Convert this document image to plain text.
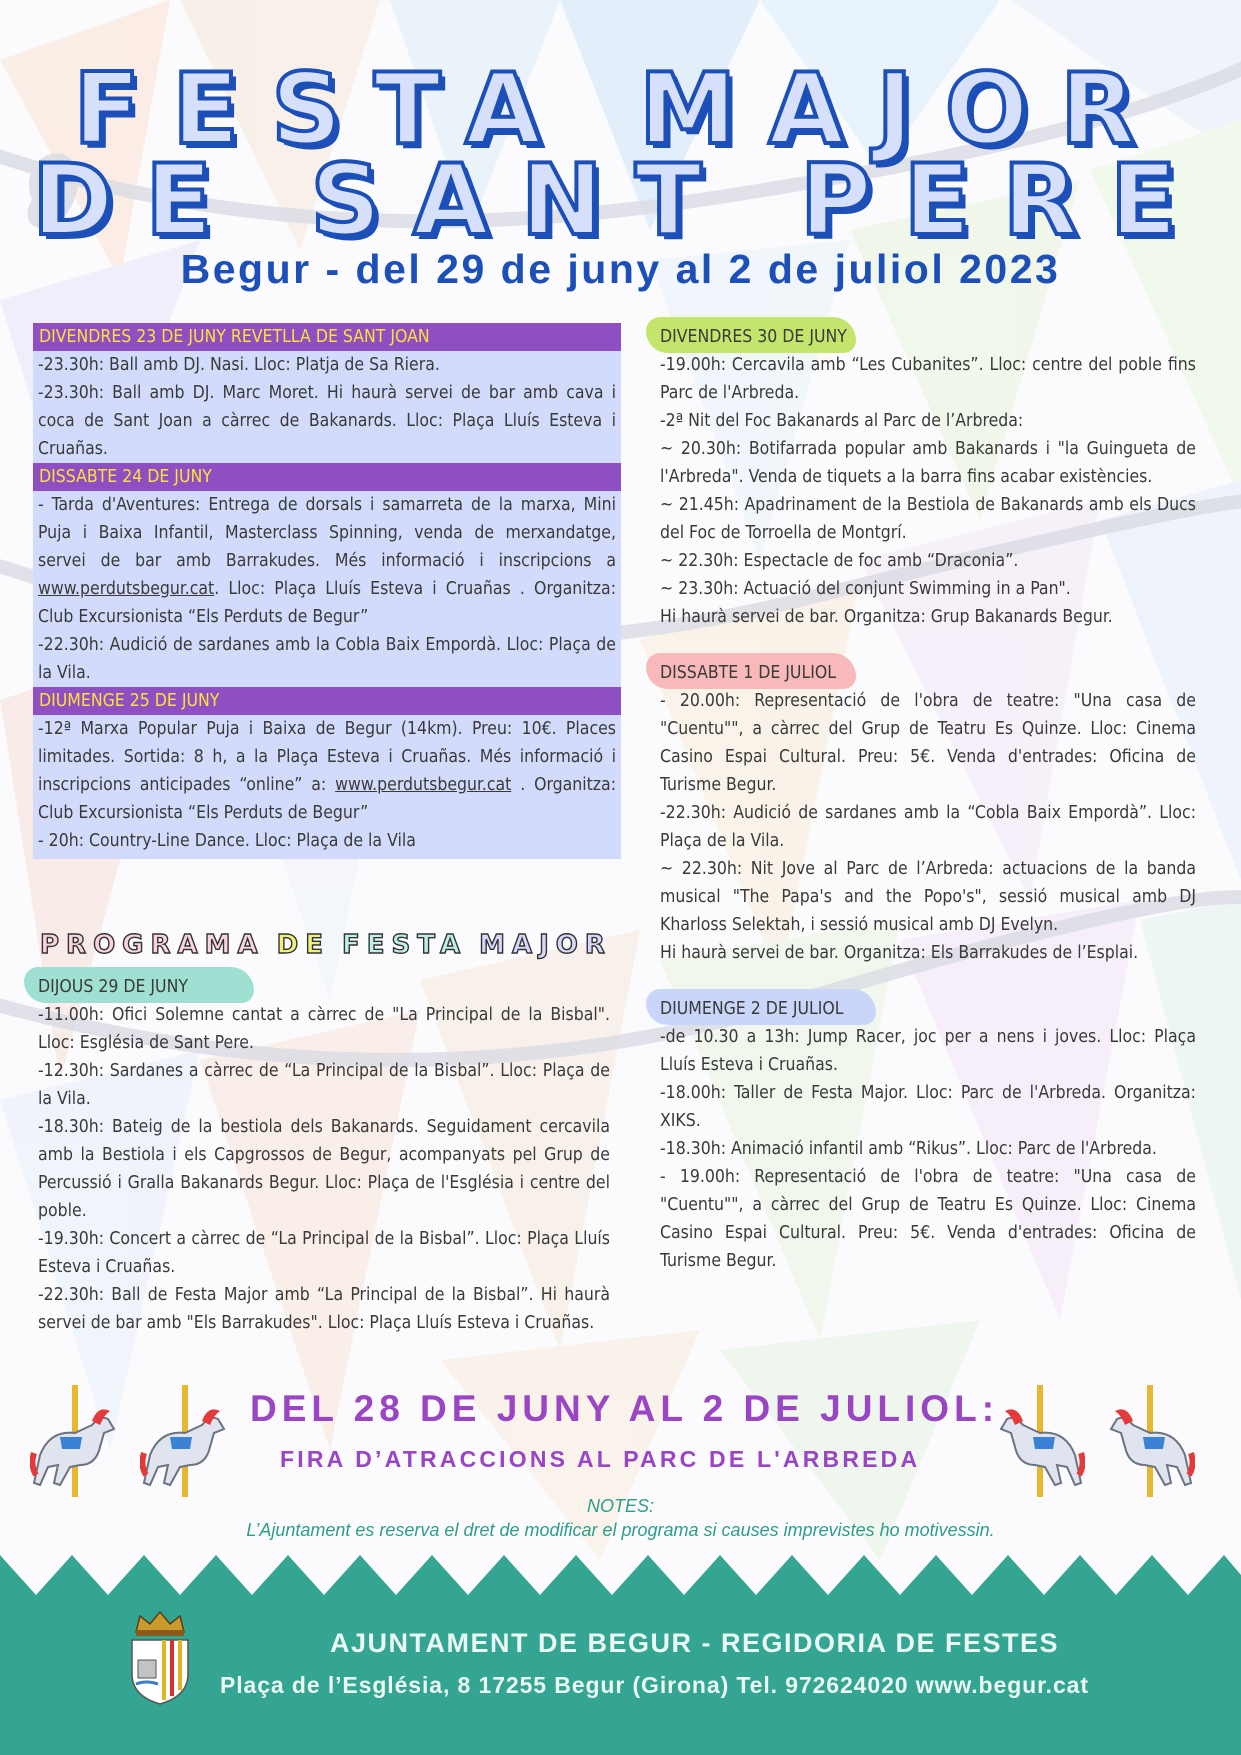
FESTA MAJOR
DE SANT PERE
Begur - del 29 de juny al 2 de juliol 2023
DIVENDRES 23 DE JUNY REVETLLA DE SANT JOAN
-23.30h: Ball amb DJ. Nasi. Lloc: Platja de Sa Riera.
-23.30h: Ball amb DJ. Marc Moret. Hi haurà servei de bar amb cava i coca de Sant Joan a càrrec de Bakanards. Lloc: Plaça Lluís Esteva i Cruañas.
DISSABTE 24 DE JUNY
- Tarda d'Aventures: Entrega de dorsals i samarreta de la marxa, Mini Puja i Baixa Infantil, Masterclass Spinning, venda de merxandatge, servei de bar amb Barrakudes. Més informació i inscripcions a www.perdutsbegur.cat. Lloc: Plaça Lluís Esteva i Cruañas . Organitza: Club Excursionista “Els Perduts de Begur”
-22.30h: Audició de sardanes amb la Cobla Baix Empordà. Lloc: Plaça de la Vila.
DIUMENGE 25 DE JUNY
-12ª Marxa Popular Puja i Baixa de Begur (14km). Preu: 10€. Places limitades. Sortida: 8 h, a la Plaça Esteva i Cruañas. Més informació i inscripcions anticipades “online” a: www.perdutsbegur.cat . Organitza: Club Excursionista “Els Perduts de Begur”
- 20h: Country-Line Dance. Lloc: Plaça de la Vila
PROGRAMA DE FESTA MAJOR
DIJOUS 29 DE JUNY
-11.00h: Ofici Solemne cantat a càrrec de "La Principal de la Bisbal". Lloc: Església de Sant Pere.
-12.30h: Sardanes a càrrec de “La Principal de la Bisbal”. Lloc: Plaça de la Vila.
-18.30h: Bateig de la bestiola dels Bakanards. Seguidament cercavila amb la Bestiola i els Capgrossos de Begur, acompanyats pel Grup de Percussió i Gralla Bakanards Begur. Lloc: Plaça de l'Església i centre del poble.
-19.30h: Concert a càrrec de “La Principal de la Bisbal”. Lloc: Plaça Lluís Esteva i Cruañas.
-22.30h: Ball de Festa Major amb “La Principal de la Bisbal”. Hi haurà servei de bar amb "Els Barrakudes". Lloc: Plaça Lluís Esteva i Cruañas.
DIVENDRES 30 DE JUNY
-19.00h: Cercavila amb “Les Cubanites”. Lloc: centre del poble fins Parc de l'Arbreda.
-2ª Nit del Foc Bakanards al Parc de l’Arbreda:
~ 20.30h: Botifarrada popular amb Bakanards i "la Guingueta de l'Arbreda". Venda de tiquets a la barra fins acabar existències.
~ 21.45h: Apadrinament de la Bestiola de Bakanards amb els Ducs del Foc de Torroella de Montgrí.
~ 22.30h: Espectacle de foc amb “Draconia”.
~ 23.30h: Actuació del conjunt Swimming in a Pan".
Hi haurà servei de bar. Organitza: Grup Bakanards Begur.
DISSABTE 1 DE JULIOL
- 20.00h: Representació de l'obra de teatre: "Una casa de "Cuentu"", a càrrec del Grup de Teatru Es Quinze. Lloc: Cinema Casino Espai Cultural. Preu: 5€. Venda d'entrades: Oficina de Turisme Begur.
-22.30h: Audició de sardanes amb la “Cobla Baix Empordà”. Lloc: Plaça de la Vila.
~ 22.30h: Nit Jove al Parc de l’Arbreda: actuacions de la banda musical "The Papa's and the Popo's", sessió musical amb DJ Kharloss Selektah, i sessió musical amb DJ Evelyn.
Hi haurà servei de bar. Organitza: Els Barrakudes de l’Esplai.
DIUMENGE 2 DE JULIOL
-de 10.30 a 13h: Jump Racer, joc per a nens i joves. Lloc: Plaça Lluís Esteva i Cruañas.
-18.00h: Taller de Festa Major. Lloc: Parc de l'Arbreda. Organitza: XIKS.
-18.30h: Animació infantil amb “Rikus”. Lloc: Parc de l'Arbreda.
- 19.00h: Representació de l'obra de teatre: "Una casa de "Cuentu"", a càrrec del Grup de Teatru Es Quinze. Lloc: Cinema Casino Espai Cultural. Preu: 5€. Venda d'entrades: Oficina de Turisme Begur.
DEL 28 DE JUNY AL 2 DE JULIOL:
FIRA D’ATRACCIONS AL PARC DE L'ARBREDA
NOTES:
L’Ajuntament es reserva el dret de modificar el programa si causes imprevistes ho motivessin.
AJUNTAMENT DE BEGUR - REGIDORIA DE FESTES
Plaça de l’Església, 8 17255 Begur (Girona) Tel. 972624020 www.begur.cat
